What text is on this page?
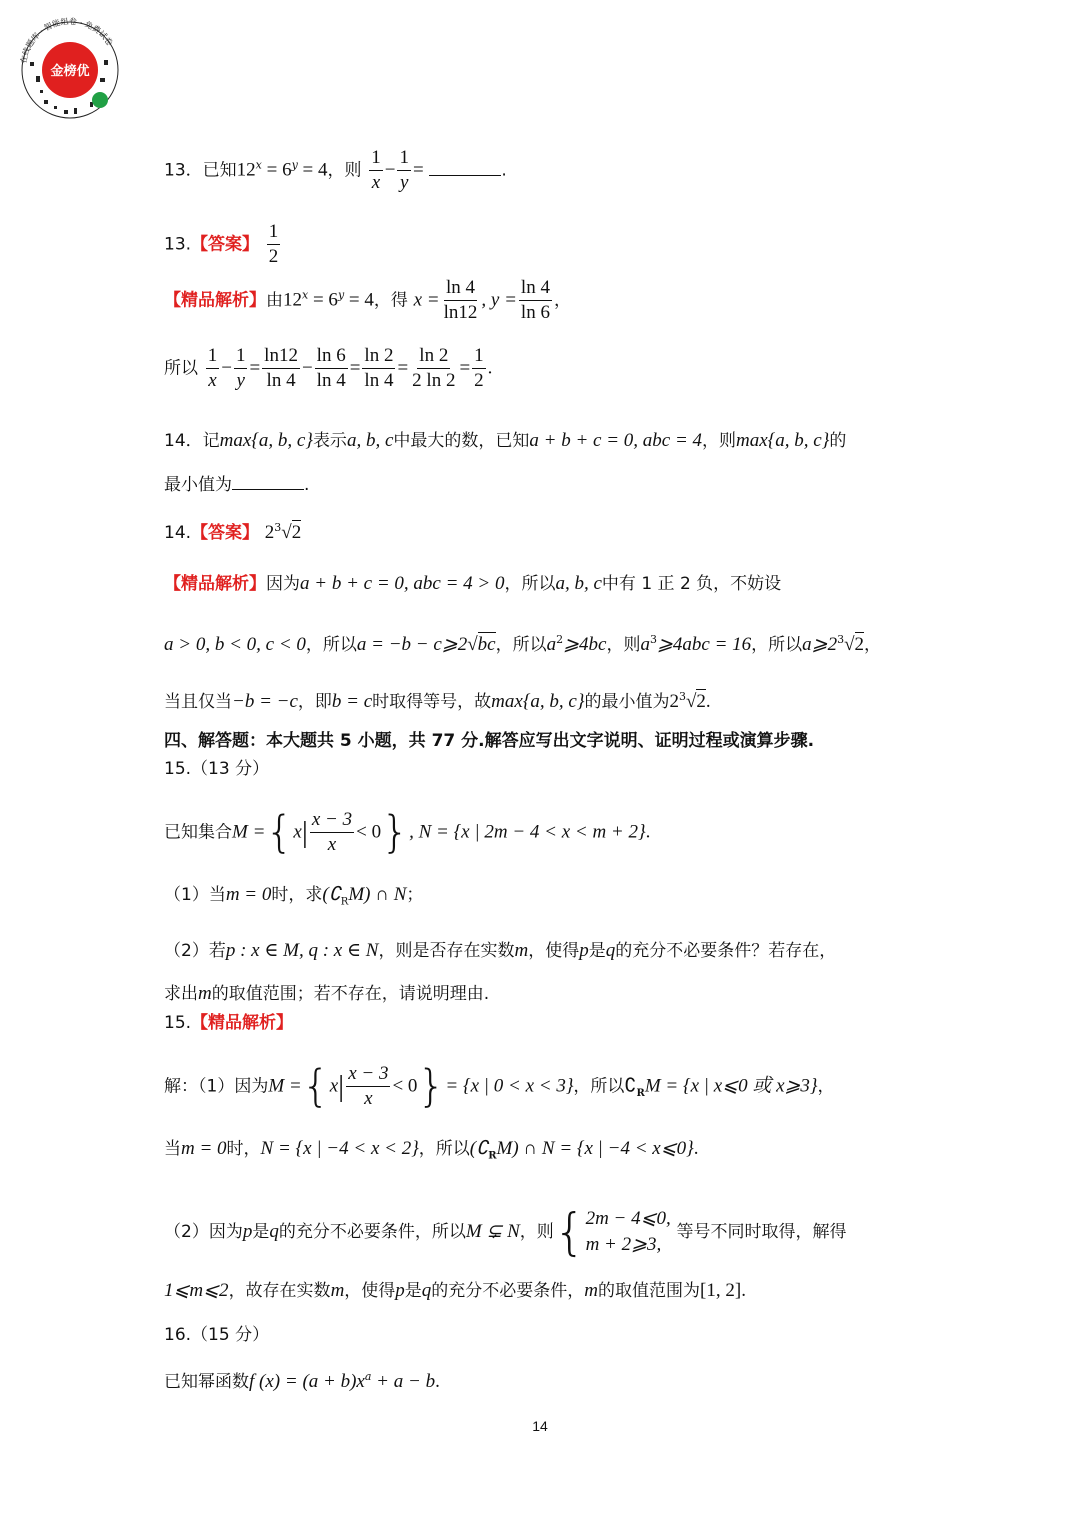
金榜优
在线题库 · 智能组卷 · 免费试卷
13．已知$12^x = 6^y = 4$，则 $\frac{1}{x} - \frac{1}{y}$ =	.
13.【答案】 $\frac{1}{2}$
【精品解析】由$12^x = 6^y = 4$，得 $x = \frac{\ln 4}{\ln 12}$ , $y = \frac{\ln 4}{\ln 6}$ ，
所以 $\frac{1}{x} - \frac{1}{y} = \frac{\ln 12}{\ln 4} - \frac{\ln 6}{\ln 4} = \frac{\ln 2}{\ln 4} = \frac{\ln 2}{2 \ln 2} = \frac{1}{2}$ .
14．记max{a, b, c}表示a, b, c中最大的数，已知a + b + c = 0, abc = 4，则max{a, b, c}的
最小值为	.
14.【答案】 $2^3√2$
【精品解析】因为a + b + c = 0, abc = 4 > 0，所以a, b, c中有 1 正 2 负，不妨设
a > 0, b < 0, c < 0，所以a = −b − c⩾2√bc，所以$a^2⩾4bc$，则$a^3⩾4abc = 16$，所以$a⩾2^3√2$，
当且仅当−b = −c，即b = c时取得等号，故max{a, b, c}的最小值为$2^3√2$.
四、解答题：本大题共 5 小题，共 77 分.解答应写出文字说明、证明过程或演算步骤.
15.（13 分）
已知集合$M =\{x| \frac{x - 3}{x} < 0\}$, N = {x | 2m − 4 < x < m + 2}.
（1）当m = 0时，求$(∁_RM)$ ∩ N；
（2）若p : x ∈ M, q : x ∈ N，则是否存在实数m，使得p是q的充分不必要条件？若存在，
求出m的取值范围；若不存在，请说明理由.
15.【精品解析】
解：（1）因为$M =\{x| \frac{x - 3}{x} < 0\}= \{x$ | 0 < x < 3}，所以$∁_RM = \{x$ | x⩽0 或 x⩾3}，
当m = 0时，N = {x | −4 < x < 2}，所以$(∁_RM)$ ∩ N = {x | −4 < x⩽0}.
（2）因为p是q的充分不必要条件，所以M ⊊ N，则{ 2m − 4⩽0,
m + 2⩾3,
等号不同时取得，解得
1⩽m⩽2，故存在实数m，使得p是q的充分不必要条件，m的取值范围为[1, 2].
16.（15 分）
已知幂函数f $(x) = (a + b)x^a + a - b$.
14
